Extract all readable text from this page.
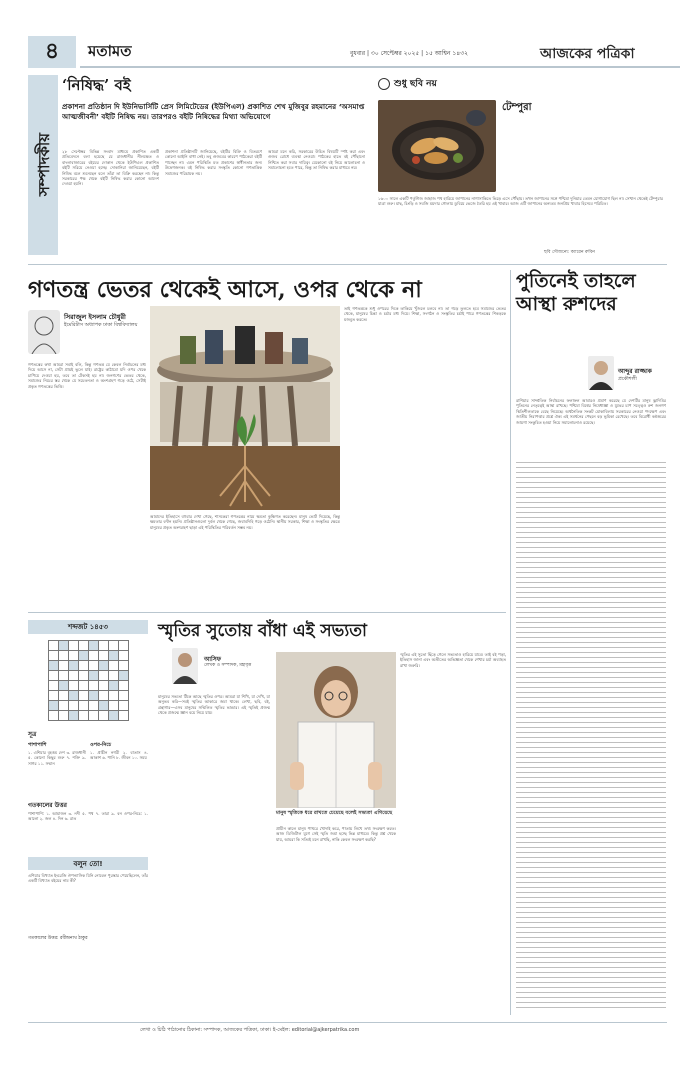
৪ মতামত	বুধবার | ৩০ সেপ্টেম্বর ২০২৫ | ১৫ আশ্বিন ১৪৩২	আজকের পত্রিকা
সম্পাদকীয়
‘নিষিদ্ধ’ বই
প্রকাশনা প্রতিষ্ঠান দি ইউনিভার্সিটি প্রেস লিমিটেডের (ইউপিএল) প্রকাশিত শেখ মুজিবুর রহমানের ‘অসমাপ্ত আত্মজীবনী’ বইটি নিষিদ্ধ নয়। তারপরও বইটি নিষিদ্ধের মিথ্যা অভিযোগে
২৮ সেপ্টেম্বর বিভিন্ন সংবাদ মাধ্যমে প্রকাশিত একটি প্রতিবেদনে বলা হয়েছে যে রাজধানীর নীলক্ষেত ও বাংলাবাজারের বইয়ের দোকান থেকে ইউপিএল প্রকাশিত বইটি সরিয়ে নেওয়া হচ্ছে। দোকানিরা জানিয়েছেন, বইটি নিষিদ্ধ বলে শুনেছেন বলে তাঁরা তা বিক্রি করছেন না। কিন্তু সরকারের পক্ষ থেকে বইটি নিষিদ্ধ করার কোনো আদেশ দেওয়া হয়নি।
প্রকাশনা প্রতিষ্ঠানটি জানিয়েছে, বইটির বিক্রি ও বিতরণে কোনো আইনি বাধা নেই। তবু গুজবের কারণে পাঠকেরা বইটি পাচ্ছেন না। এমন পরিস্থিতি মত প্রকাশের স্বাধীনতার জন্য উদ্বেগজনক। বই নিষিদ্ধ করার সংস্কৃতি কোনো গণতান্ত্রিক সমাজের পরিচায়ক নয়।
আমরা মনে করি, সরকারের উচিত বিষয়টি স্পষ্ট করা এবং গুজব রোধে ব্যবস্থা নেওয়া। পাঠকের হাতে বই পৌঁছানো নিশ্চিত করা সবার দায়িত্ব। যেকোনো বই নিয়ে আলোচনা ও সমালোচনা হতে পারে, কিন্তু তা নিষিদ্ধ করার মাধ্যমে নয়।
শুধু ছবি নয়
টেম্পুরা
১৬০০ সালে একটি পর্তুগিজ জাহাজ পথ হারিয়ে জাপানের নাগাসাকিতে ভিড়ে এসে পৌঁছায়। তখন জাপানের সঙ্গে পশ্চিমা দুনিয়ার তেমন যোগাযোগ ছিল না। সেখান থেকেই টেম্পুরার যাত্রা শুরু। মাছ, চিংড়ি ও সবজি ময়দার গোলায় ডুবিয়ে ভেজে তৈরি হয় এই খাবার। আজ এটি জাপানের অন্যতম জনপ্রিয় খাবার হিসেবে পরিচিত।
ছবি সৌজন্যে: ক্যারেন রুবিন
গণতন্ত্র ভেতর থেকেই আসে, ওপর থেকে না
সিরাজুল ইসলাম চৌধুরী
ইমেরিটাস অধ্যাপক ঢাকা বিশ্ববিদ্যালয়
গণতন্ত্রের কথা আমরা সবাই বলি, কিন্তু গণতন্ত্র যে কেবল নির্বাচনের মধ্য দিয়ে আসে না, সেটা প্রায়ই ভুলে যাই। রাষ্ট্রের কাঠামো যদি ওপর থেকে চাপিয়ে দেওয়া হয়, তবে তা টেকসই হয় না। জনগণের ভেতর থেকে, সমাজের নিচের স্তর থেকে যে সচেতনতা ও অংশগ্রহণ গড়ে ওঠে, সেটাই প্রকৃত গণতন্ত্রের ভিত্তি।
আমাদের ইতিহাসে বহুবার দেখা গেছে, শাসকেরা গণতন্ত্রের নামে ক্ষমতা কুক্ষিগত করেছেন। মানুষ ভোট দিয়েছে, কিন্তু ক্ষমতার বণ্টন হয়নি। প্রতিষ্ঠানগুলো দুর্বল থেকে গেছে, জবাবদিহি গড়ে ওঠেনি। স্থানীয় সরকার, শিক্ষা ও সংস্কৃতির ক্ষেত্রে মানুষের প্রকৃত অংশগ্রহণ ছাড়া এই পরিস্থিতির পরিবর্তন সম্ভব নয়।
তাই গণতন্ত্রকে শুধু ওপরের দিকে তাকিয়ে খুঁজলে চলবে না। তা গড়ে তুলতে হবে সমাজের ভেতর থেকে, মানুষের চিন্তা ও চর্চার মধ্য দিয়ে। শিক্ষা, সংগঠন ও সংস্কৃতির চর্চাই পারে গণতন্ত্রের শিকড়কে মজবুত করতে।
পুতিনেই তাহলে আস্থা রুশদের
আব্দুর রাজ্জাক
প্রকৌশলী
রাশিয়ার সাম্প্রতিক নির্বাচনের ফলাফল আবারও প্রমাণ করেছে যে দেশটির মানুষ ভ্লাদিমির পুতিনের নেতৃত্বেই আস্থা রাখছে। পশ্চিমা বিশ্বের নিষেধাজ্ঞা ও যুদ্ধের চাপ সত্ত্বেও রুশ জনগণ স্থিতিশীলতাকে বেছে নিয়েছে। অর্থনৈতিক সংকট মোকাবিলায় সরকারের নেওয়া পদক্ষেপ এবং জাতীয় নিরাপত্তার প্রশ্নে ঐক্য এই সমর্থনের পেছনে বড় ভূমিকা রেখেছে। তবে বিরোধী কণ্ঠস্বরের জায়গা সংকুচিত হওয়া নিয়ে সমালোচনাও রয়েছে।
শব্দজট ১৪৫৩

সূত্র
পাশাপাশি
১. এশিয়ার বৃহত্তম দেশ ৩. রাজধানী ৫. কোনো কিছুর শুরু ৭. শক্তি ৯. সাগর ১১. সম্মান
ওপর-নিচে
১. প্রাচীন নগরী ২. বাতাস ৪. আকাশ ৬. পানি ৮. জীবন ১০. সময়
গতকালের উত্তর
পাশাপাশি: ১. আমাজন ৩. নদী ৫. পথ ৭. তারা ৯. বন ওপর-নিচে: ১. আলো ২. জল ৪. দিন ৬. রাত
বলুন তো!
এশিয়ার বিখ্যাত ইংরেজি ঔপন্যাসিক যিনি নোবেল পুরস্কার পেয়েছিলেন, তাঁর একটি বিখ্যাত বইয়ের নাম কী?
গতকালের উত্তর: রবীন্দ্রনাথ ঠাকুর
স্মৃতির সুতোয় বাঁধা এই সভ্যতা
আসিফ
লেখক ও সম্পাদক, মহাবৃত্ত
মানুষের সভ্যতা টিকে আছে স্মৃতির ওপর। আমরা যা শিখি, যা দেখি, যা অনুভব করি—সবই স্মৃতির আকারে জমা থাকে। লেখা, ছবি, বই, গ্রন্থাগার—এসব মানুষের সম্মিলিত স্মৃতির ভান্ডার। এই স্মৃতিই প্রজন্ম থেকে প্রজন্মে জ্ঞান বয়ে নিয়ে যায়।
মানুষ স্মৃতিকে ধরে রাখতে চেয়েছে বলেই সভ্যতা এগিয়েছে
প্রাচীন কালে মানুষ পাথরে খোদাই করে, পাতায় লিখে তথ্য সংরক্ষণ করত। আজ ডিজিটাল যুগে সেই স্মৃতি জমা হচ্ছে ভিন্ন মাধ্যমে। কিন্তু প্রশ্ন থেকে যায়, আমরা কি সত্যিই মনে রাখছি, নাকি কেবল সংরক্ষণ করছি?
স্মৃতির এই সুতো ছিঁড়ে গেলে সভ্যতাও হারিয়ে যাবে। তাই বই পড়া, ইতিহাস জানা এবং অতীতের অভিজ্ঞতা থেকে শেখার চর্চা অব্যাহত রাখা জরুরি।
লেখা ও চিঠি পাঠানোর ঠিকানা: সম্পাদক, আজকের পত্রিকা, ঢাকা। ই-মেইল: editorial@ajkerpatrika.com
